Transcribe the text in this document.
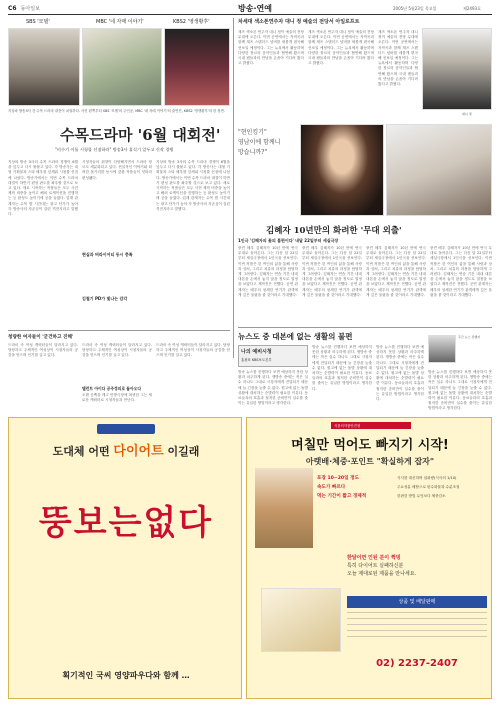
C6 동아일보	방송·연예	2005년 5월23일 목요일	제2493호
SBS '모델'	MBC '네 자매 이야기'	KBS2 '영생황후'
지상파 방송3사 간 수목 드라마 대전이 치열하다. 사진 왼쪽부터 SBS '모델'의 주인공, MBC '네 자매 이야기'의 출연진, KBS2 '영생황후'의 한 장면.
수목드라마 '6월 대회전'
"비수기 이틀 시청률 선점하라" 방송3사 휴식기 앞두고 신작 경쟁
지상파 방송 3사의 수목 드라마 경쟁이 6월을 앞두고 다시 불붙고 있다. 각 방송사는 대형 기획물과 스타 배우를 앞세워 시청률 선점에 나섰다. 방송가에서는 이번 수목 드라마 대결이 하반기 편성 판도를 좌우할 것으로 보고 있다. 새로 시작하는 작품들은 모두 사전 제작 비중을 높이고 해외 로케이션을 진행하는 등 완성도 높이기에 공을 들였다. 업계 관계자는 수목 밤 시간대는 광고 단가가 높아 각 방송사의 자존심이 걸린 격전지라고 말했다.
시청자들의 취향이 다양해지면서 드라마 장르도 세분화되고 있다. 현실적인 이야기와 화려한 볼거리를 동시에 갖춘 작품들이 잇따라 편성됐다.
지상파 방송 3사의 수목 드라마 경쟁이 6월을 앞두고 다시 불붙고 있다. 각 방송사는 대형 기획물과 스타 배우를 앞세워 시청률 선점에 나섰다. 방송가에서는 이번 수목 드라마 대결이 하반기 편성 판도를 좌우할 것으로 보고 있다. 새로 시작하는 작품들은 모두 사전 제작 비중을 높이고 해외 로케이션을 진행하는 등 완성도 높이기에 공을 들였다. 업계 관계자는 수목 밤 시간대는 광고 단가가 높아 각 방송사의 자존심이 걸린 격전지라고 말했다.
현실과 버라이어티 동시 충족
김철기 PD가 빛나는 감각
차세대 색소폰연주자 대니 정 예술의 전당서 아일로프트
재즈 색소폰 연주자 대니 정이 예술의 전당 무대에 오른다. 이번 공연에서는 자작곡과 함께 재즈 스탠더드 넘버를 새롭게 편곡해 선보일 예정이다. 그는 뉴욕에서 활동하며 다양한 장르의 음악인들과 협연해 왔으며 국내 팬들과의 만남을 손꼽아 기다려 왔다고 밝혔다.
재즈 색소폰 연주자 대니 정이 예술의 전당 무대에 오른다. 이번 공연에서는 자작곡과 함께 재즈 스탠더드 넘버를 새롭게 편곡해 선보일 예정이다. 그는 뉴욕에서 활동하며 다양한 장르의 음악인들과 협연해 왔으며 국내 팬들과의 만남을 손꼽아 기다려 왔다고 밝혔다.
재즈 색소폰 연주자 대니 정이 예술의 전당 무대에 오른다. 이번 공연에서는 자작곡과 함께 재즈 스탠더드 넘버를 새롭게 편곡해 선보일 예정이다. 그는 뉴욕에서 활동하며 다양한 장르의 음악인들과 협연해 왔으며 국내 팬들과의 만남을 손꼽아 기다려 왔다고 밝혔다.
대니 정
"현인킹기"
영남이에 함께니
망습니까?"
김혜자 10년만의 화려한 '무대 외출'
1인극 '김혜자의 꽃의 봄편이다' 내달 22일부터 세실극장
중견 배우 김혜자가 10년 만에 연극 무대로 돌아온다. 그는 다음 달 22일부터 세실극장에서 1인극을 선보인다. 이번 작품은 한 여인의 삶을 통해 사랑과 상처, 그리고 치유의 과정을 담담하게 그려낸다. 김혜자는 연습 기간 내내 대본을 손에서 놓지 않을 정도로 열정을 보였다고 제작진은 전했다. 공연 관계자는 배우의 섬세한 연기가 관객에게 깊은 울림을 줄 것이라고 기대했다.
중견 배우 김혜자가 10년 만에 연극 무대로 돌아온다. 그는 다음 달 22일부터 세실극장에서 1인극을 선보인다. 이번 작품은 한 여인의 삶을 통해 사랑과 상처, 그리고 치유의 과정을 담담하게 그려낸다. 김혜자는 연습 기간 내내 대본을 손에서 놓지 않을 정도로 열정을 보였다고 제작진은 전했다. 공연 관계자는 배우의 섬세한 연기가 관객에게 깊은 울림을 줄 것이라고 기대했다.
중견 배우 김혜자가 10년 만에 연극 무대로 돌아온다. 그는 다음 달 22일부터 세실극장에서 1인극을 선보인다. 이번 작품은 한 여인의 삶을 통해 사랑과 상처, 그리고 치유의 과정을 담담하게 그려낸다. 김혜자는 연습 기간 내내 대본을 손에서 놓지 않을 정도로 열정을 보였다고 제작진은 전했다. 공연 관계자는 배우의 섬세한 연기가 관객에게 깊은 울림을 줄 것이라고 기대했다.
중견 배우 김혜자가 10년 만에 연극 무대로 돌아온다. 그는 다음 달 22일부터 세실극장에서 1인극을 선보인다. 이번 작품은 한 여인의 삶을 통해 사랑과 상처, 그리고 치유의 과정을 담담하게 그려낸다. 김혜자는 연습 기간 내내 대본을 손에서 놓지 않을 정도로 열정을 보였다고 제작진은 전했다. 공연 관계자는 배우의 섬세한 연기가 관객에게 깊은 울림을 줄 것이라고 기대했다.
뉴스도 중 대본에 없는 생활의 불편
나의 예비시청
홍광표 KBS보도본부
방송 뉴스를 진행하다 보면 예상하지 못한 상황과 마주하게 된다. 생방송 중에는 작은 실수 하나도 그대로 시청자에게 전달되기 때문에 늘 긴장을 늦출 수 없다. 원고에 없는 돌발 상황에 대처하는 순발력이 필요한 이유다. 동료들과의 호흡과 철저한 준비만이 실수를 줄이는 유일한 방법이라고 생각한다.
방송 뉴스를 진행하다 보면 예상하지 못한 상황과 마주하게 된다. 생방송 중에는 작은 실수 하나도 그대로 시청자에게 전달되기 때문에 늘 긴장을 늦출 수 없다. 원고에 없는 돌발 상황에 대처하는 순발력이 필요한 이유다. 동료들과의 호흡과 철저한 준비만이 실수를 줄이는 유일한 방법이라고 생각한다.
방송 뉴스를 진행하다 보면 예상하지 못한 상황과 마주하게 된다. 생방송 중에는 작은 실수 하나도 그대로 시청자에게 전달되기 때문에 늘 긴장을 늦출 수 없다. 원고에 없는 돌발 상황에 대처하는 순발력이 필요한 이유다. 동료들과의 호흡과 철저한 준비만이 실수를 줄이는 유일한 방법이라고 생각한다.
주간 뉴스 진행자
방송 뉴스를 진행하다 보면 예상하지 못한 상황과 마주하게 된다. 생방송 중에는 작은 실수 하나도 그대로 시청자에게 전달되기 때문에 늘 긴장을 늦출 수 없다. 원고에 없는 돌발 상황에 대처하는 순발력이 필요한 이유다. 동료들과의 호흡과 철저한 준비만이 실수를 줄이는 유일한 방법이라고 생각한다.
청량한 여자들이 '굳건하고 진해'
드라마 속 여성 캐릭터들이 달라지고 있다. 당당하고 주체적인 여성상이 시청자들의 공감을 얻으며 인기를 끌고 있다.
드라마 속 여성 캐릭터들이 달라지고 있다. 당당하고 주체적인 여성상이 시청자들의 공감을 얻으며 인기를 끌고 있다.
탤런트 아이다 공주정의로 돌아오다
오랜 공백을 깨고 안방극장에 복귀한 그는 새로운 캐릭터로 시청자들과 만난다.
드라마 속 여성 캐릭터들이 달라지고 있다. 당당하고 주체적인 여성상이 시청자들의 공감을 얻으며 인기를 끌고 있다.
도대체 어떤 다이어트 이길래
뚱보는없다
획기적인 국씨 영양파우다와 함께 …
식품의약품안전청
며칠만 먹어도 빠지기 시작!
아랫배·체중·포인트 "확실하게 잡자"
포장 10~20일 정도
속도가 빠르다
먹는 기간이 짧고 경제적
식사를 대신하며 섭취량(식사의 1/10)
주요성분 배합으로 탄수화물과 수분조절
한편한 방법 무엇보다 체중감소
한달이면 인된 분이 쩍빙
특히 다이어트 실패하신분
오늘 제대로된 제품을 만나세요.
상품 및 배달판매
02) 2237-2407
